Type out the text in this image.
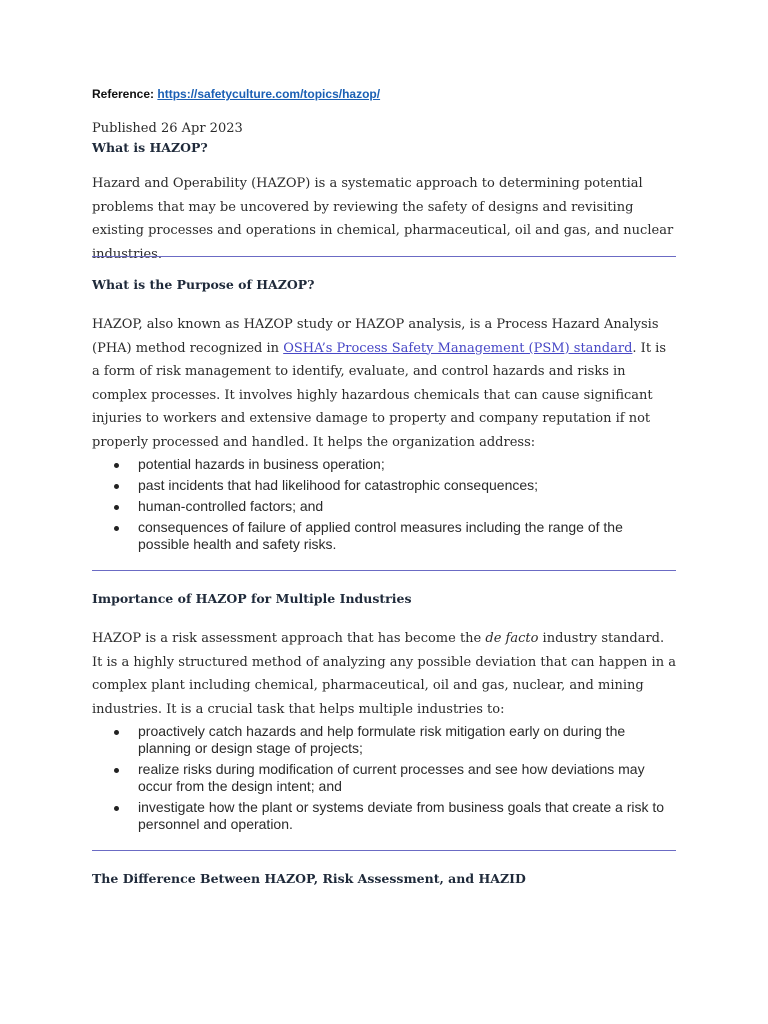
Reference: https://safetyculture.com/topics/hazop/
Published 26 Apr 2023
What is HAZOP?
Hazard and Operability (HAZOP) is a systematic approach to determining potential problems that may be uncovered by reviewing the safety of designs and revisiting existing processes and operations in chemical, pharmaceutical, oil and gas, and nuclear industries.
What is the Purpose of HAZOP?
HAZOP, also known as HAZOP study or HAZOP analysis, is a Process Hazard Analysis (PHA) method recognized in OSHA’s Process Safety Management (PSM) standard. It is a form of risk management to identify, evaluate, and control hazards and risks in complex processes. It involves highly hazardous chemicals that can cause significant injuries to workers and extensive damage to property and company reputation if not properly processed and handled. It helps the organization address:
potential hazards in business operation;
past incidents that had likelihood for catastrophic consequences;
human-controlled factors; and
consequences of failure of applied control measures including the range of the possible health and safety risks.
Importance of HAZOP for Multiple Industries
HAZOP is a risk assessment approach that has become the de facto industry standard. It is a highly structured method of analyzing any possible deviation that can happen in a complex plant including chemical, pharmaceutical, oil and gas, nuclear, and mining industries. It is a crucial task that helps multiple industries to:
proactively catch hazards and help formulate risk mitigation early on during the planning or design stage of projects;
realize risks during modification of current processes and see how deviations may occur from the design intent; and
investigate how the plant or systems deviate from business goals that create a risk to personnel and operation.
The Difference Between HAZOP, Risk Assessment, and HAZID
